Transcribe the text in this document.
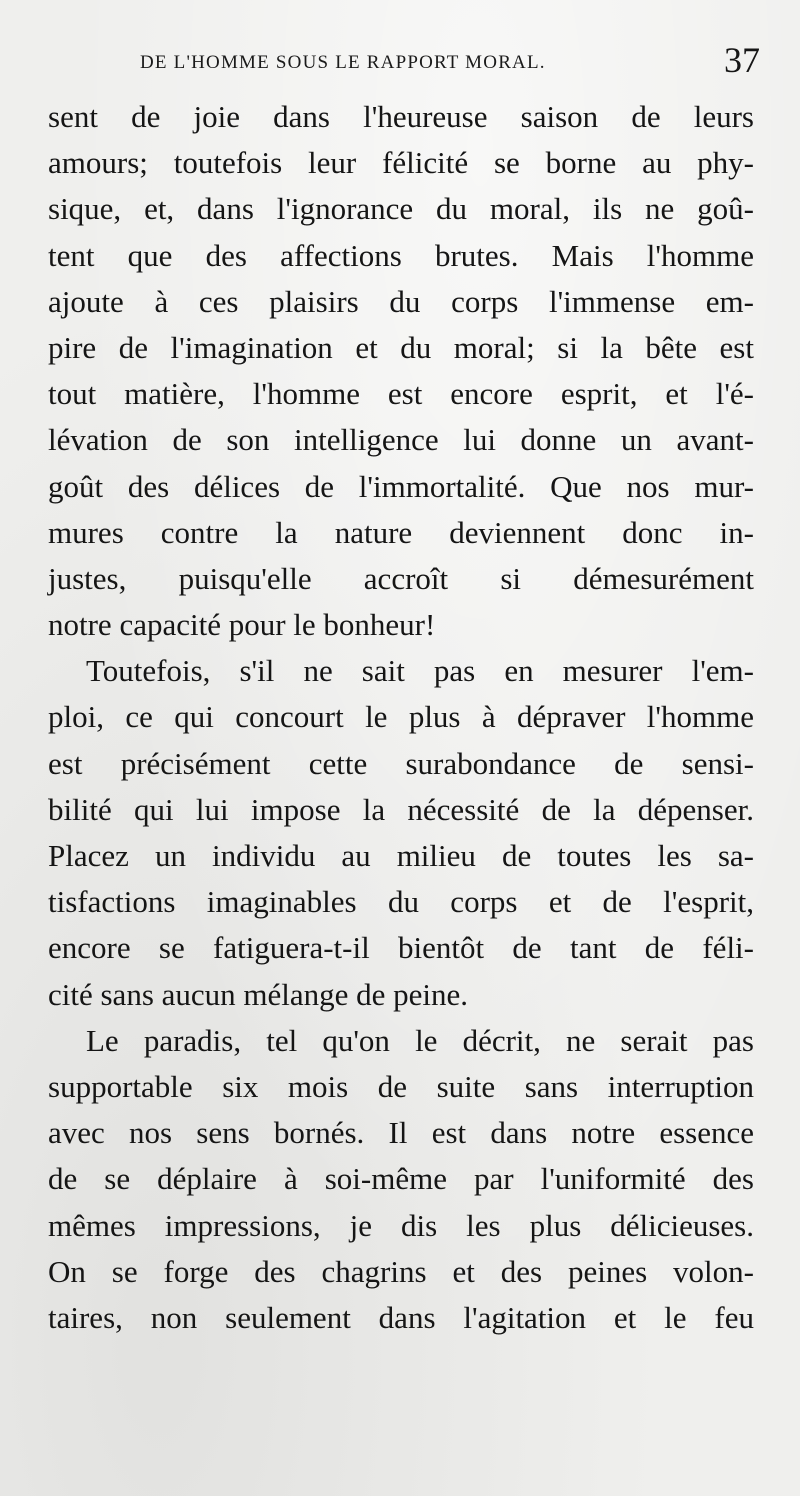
DE L'HOMME SOUS LE RAPPORT MORAL.	37
sent de joie dans l'heureuse saison de leurs
amours; toutefois leur félicité se borne au phy-
sique, et, dans l'ignorance du moral, ils ne goû-
tent que des affections brutes. Mais l'homme
ajoute à ces plaisirs du corps l'immense em-
pire de l'imagination et du moral; si la bête est
tout matière, l'homme est encore esprit, et l'é-
lévation de son intelligence lui donne un avant-
goût des délices de l'immortalité. Que nos mur-
mures contre la nature deviennent donc in-
justes, puisqu'elle accroît si démesurément
notre capacité pour le bonheur!
Toutefois, s'il ne sait pas en mesurer l'em-
ploi, ce qui concourt le plus à dépraver l'homme
est précisément cette surabondance de sensi-
bilité qui lui impose la nécessité de la dépenser.
Placez un individu au milieu de toutes les sa-
tisfactions imaginables du corps et de l'esprit,
encore se fatiguera-t-il bientôt de tant de féli-
cité sans aucun mélange de peine.
Le paradis, tel qu'on le décrit, ne serait pas
supportable six mois de suite sans interruption
avec nos sens bornés. Il est dans notre essence
de se déplaire à soi-même par l'uniformité des
mêmes impressions, je dis les plus délicieuses.
On se forge des chagrins et des peines volon-
taires, non seulement dans l'agitation et le feu
